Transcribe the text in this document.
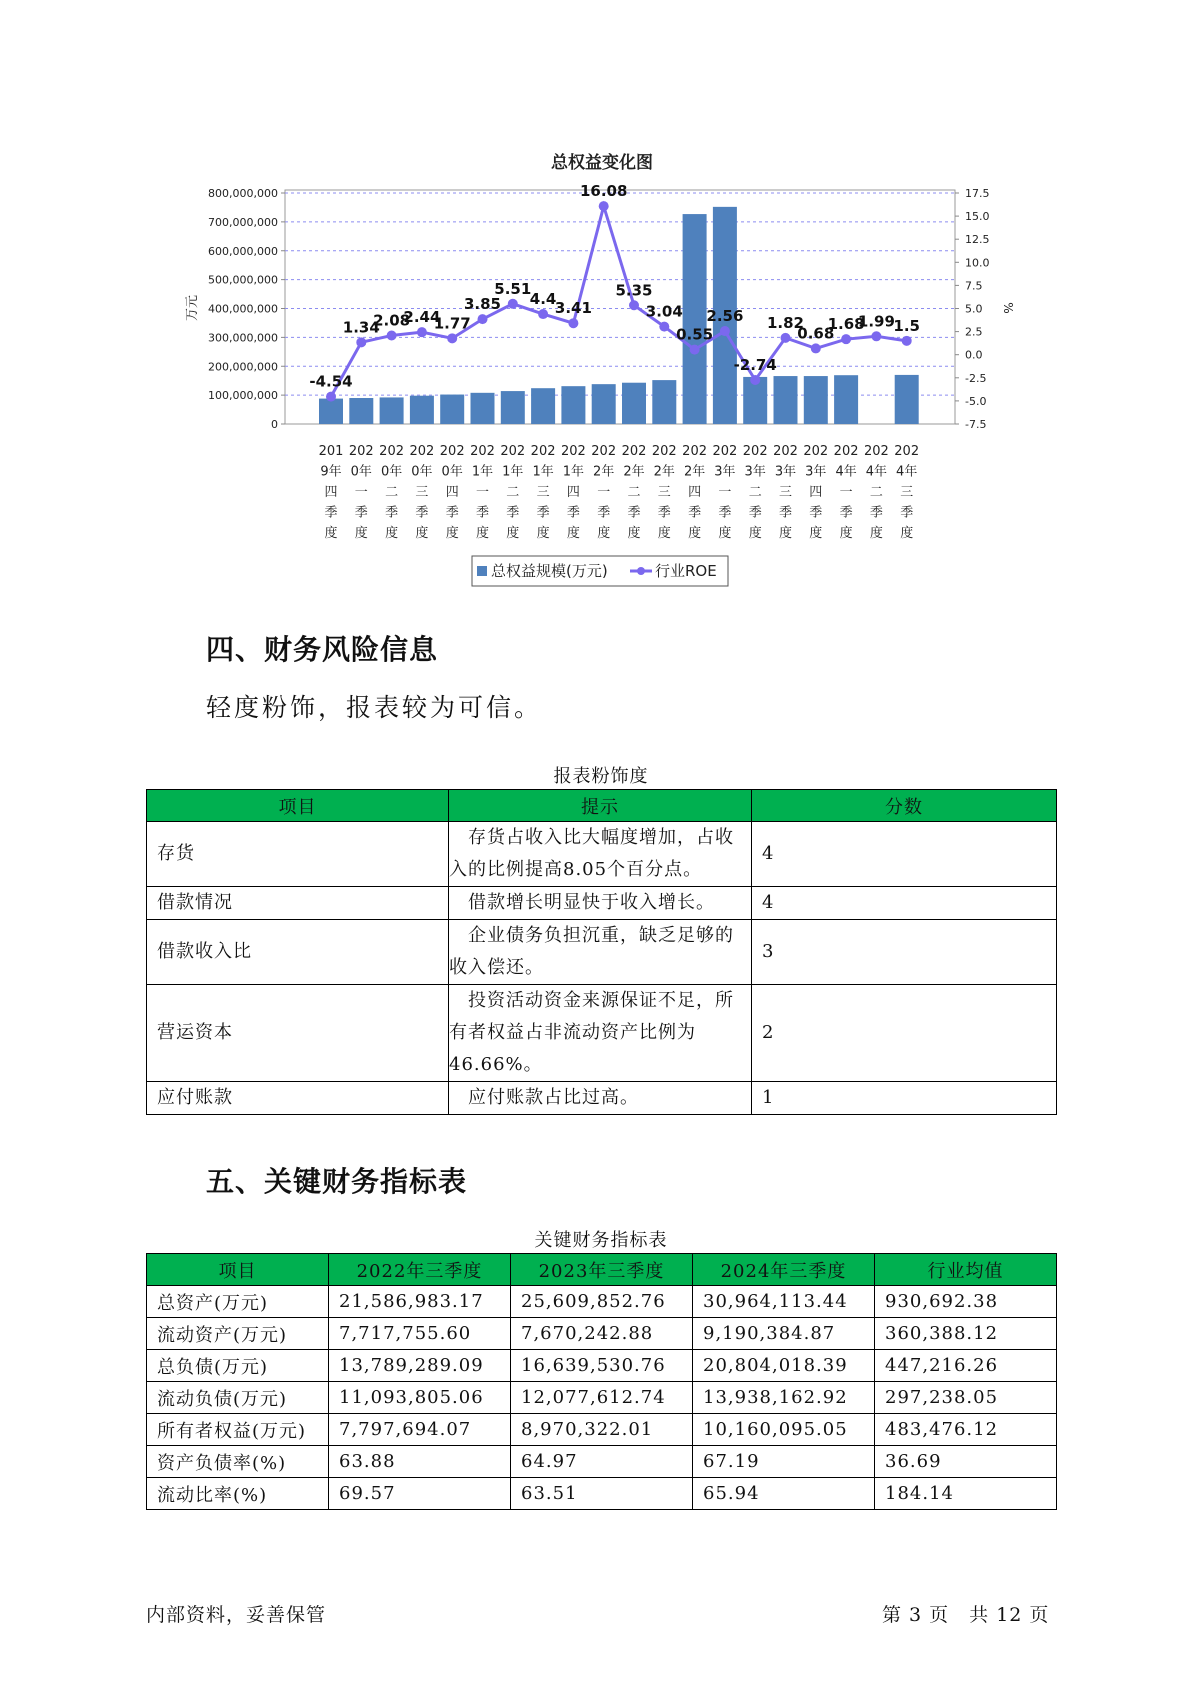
总权益变化图
0
100,000,000
200,000,000
300,000,000
400,000,000
500,000,000
600,000,000
700,000,000
800,000,000
-7.5
-5.0
-2.5
0.0
2.5
5.0
7.5
10.0
12.5
15.0
17.5
万元	%
-4.54
1.34
2.08
2.44
1.77
3.85
5.51
4.4
3.41
16.08
5.35
3.04
0.55
2.56
-2.74
1.82
0.68
1.68
1.99
1.5
201
9年
四
季
度
202
0年
一
季
度
202
0年
二
季
度
202
0年
三
季
度
202
0年
四
季
度
202
1年
一
季
度
202
1年
二
季
度
202
1年
三
季
度
202
1年
四
季
度
202
2年
一
季
度
202
2年
二
季
度
202
2年
三
季
度
202
2年
四
季
度
202
3年
一
季
度
202
3年
二
季
度
202
3年
三
季
度
202
3年
四
季
度
202
4年
一
季
度
202
4年
二
季
度
202
4年
三
季
度
总权益规模(万元)	行业ROE
四、财务风险信息
轻度粉饰，报表较为可信。
报表粉饰度
项目	提示	分数
存货	　存货占收入比大幅度增加，占收
入的比例提高8.05个百分点。	4
借款情况	　借款增长明显快于收入增长。	4
借款收入比	　企业债务负担沉重，缺乏足够的
收入偿还。	3
营运资本	　投资活动资金来源保证不足，所
有者权益占非流动资产比例为
46.66%。	2
应付账款	　应付账款占比过高。	1
五、关键财务指标表
关键财务指标表
项目	2022年三季度	2023年三季度	2024年三季度	行业均值
总资产(万元)	21,586,983.17	25,609,852.76	30,964,113.44	930,692.38
流动资产(万元)	7,717,755.60	7,670,242.88	9,190,384.87	360,388.12
总负债(万元)	13,789,289.09	16,639,530.76	20,804,018.39	447,216.26
流动负债(万元)	11,093,805.06	12,077,612.74	13,938,162.92	297,238.05
所有者权益(万元)	7,797,694.07	8,970,322.01	10,160,095.05	483,476.12
资产负债率(%)	63.88	64.97	67.19	36.69
流动比率(%)	69.57	63.51	65.94	184.14
内部资料，妥善保管	第 3 页　共 12 页
